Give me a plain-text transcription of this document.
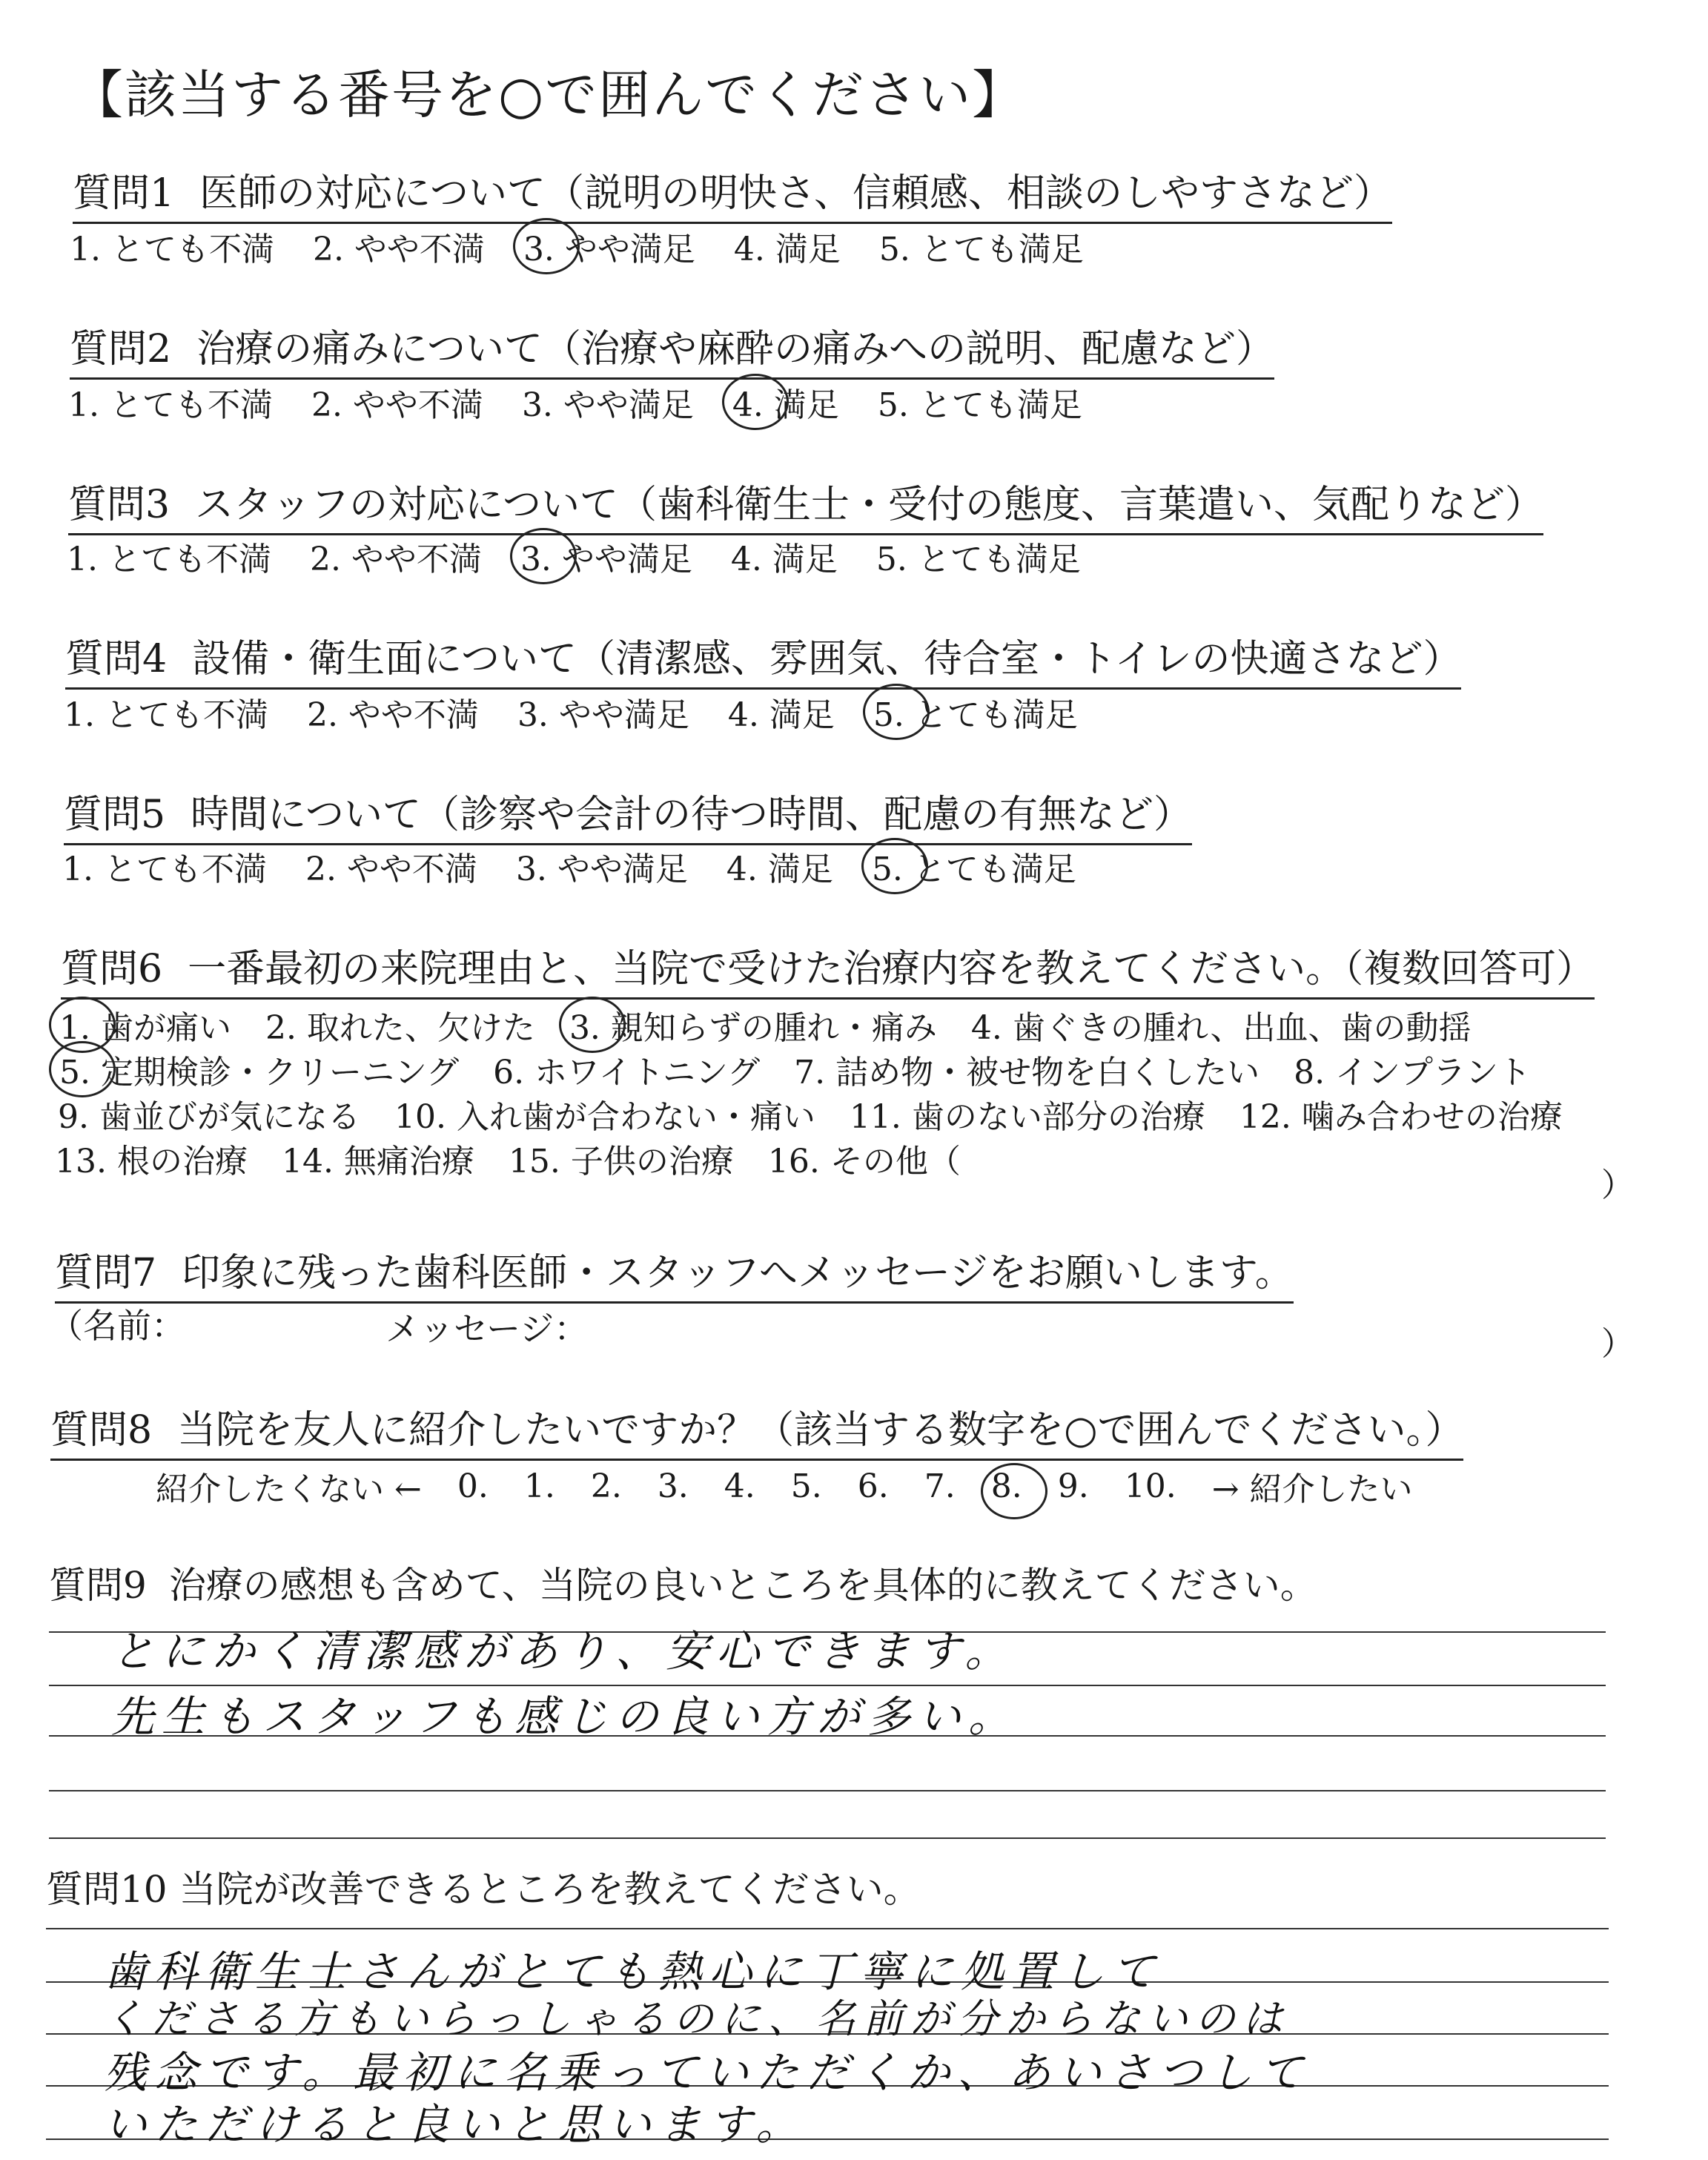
【該当する番号を○で囲んでください】
質問1 医師の対応について（説明の明快さ、信頼感、相談のしやすさなど）
1. とても不満 2. やや不満 3. やや満足 4. 満足 5. とても満足
質問2 治療の痛みについて（治療や麻酔の痛みへの説明、配慮など）
1. とても不満 2. やや不満 3. やや満足 4. 満足 5. とても満足
質問3 スタッフの対応について（歯科衛生士・受付の態度、言葉遣い、気配りなど）
1. とても不満 2. やや不満 3. やや満足 4. 満足 5. とても満足
質問4 設備・衛生面について（清潔感、雰囲気、待合室・トイレの快適さなど）
1. とても不満 2. やや不満 3. やや満足 4. 満足 5. とても満足
質問5 時間について（診察や会計の待つ時間、配慮の有無など）
1. とても不満 2. やや不満 3. やや満足 4. 満足 5. とても満足
質問6 一番最初の来院理由と、当院で受けた治療内容を教えてください。（複数回答可）
1. 歯が痛い 2. 取れた、欠けた 3. 親知らずの腫れ・痛み 4. 歯ぐきの腫れ、出血、歯の動揺
5. 定期検診・クリーニング 6. ホワイトニング 7. 詰め物・被せ物を白くしたい 8. インプラント
9. 歯並びが気になる 10. 入れ歯が合わない・痛い 11. 歯のない部分の治療 12. 噛み合わせの治療
13. 根の治療 14. 無痛治療 15. 子供の治療 16. その他（
）
質問7 印象に残った歯科医師・スタッフへメッセージをお願いします。
（名前：	メッセージ：	）
質問8 当院を友人に紹介したいですか？（該当する数字を○で囲んでください。）
紹介したくない ← 0. 1. 2. 3. 4. 5. 6. 7. 8. 9. 10. → 紹介したい
質問9 治療の感想も含めて、当院の良いところを具体的に教えてください。
とにかく清潔感があり、安心できます。
先生もスタッフも感じの良い方が多い。
質問10 当院が改善できるところを教えてください。
歯科衛生士さんがとても熱心に丁寧に処置して
くださる方もいらっしゃるのに、名前が分からないのは
残念です。最初に名乗っていただくか、あいさつして
いただけると良いと思います。
